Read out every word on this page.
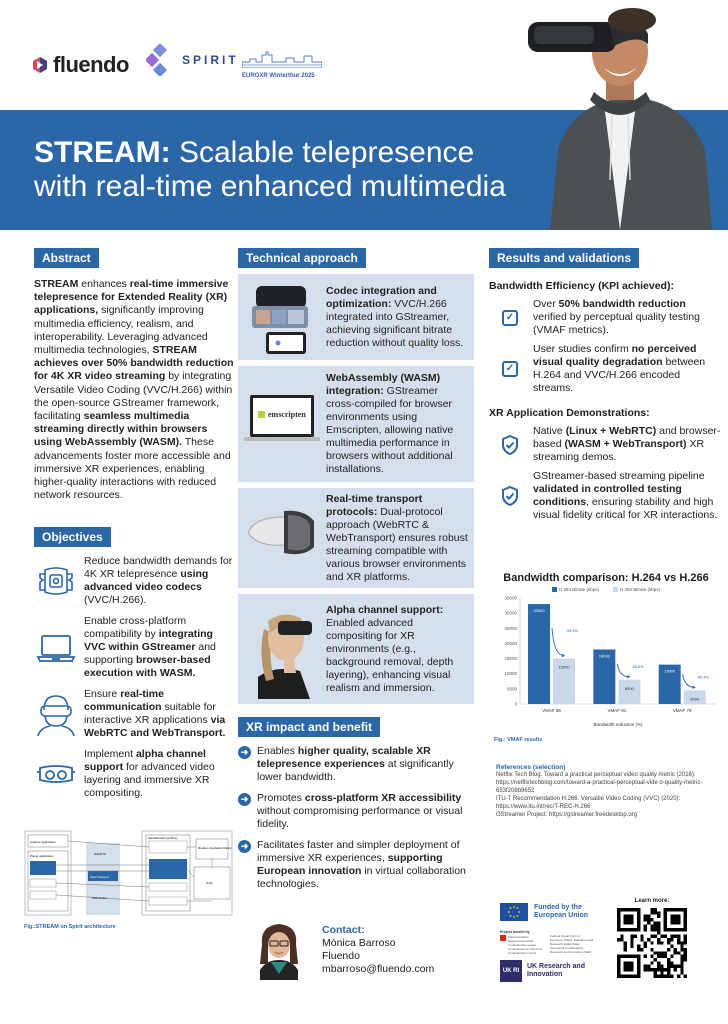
fluendo	SPIRIT
EUROXR Winterthur 2025
STREAM: Scalable telepresence
with real-time enhanced multimedia
Abstract

STREAM enhances real-time immersive telepresence for Extended Reality (XR) applications, significantly improving multimedia efficiency, realism, and interoperability. Leveraging advanced multimedia technologies, STREAM achieves over 50% bandwidth reduction for 4K XR video streaming by integrating Versatile Video Coding (VVC/H.266) within the open-source GStreamer framework, facilitating seamless multimedia streaming directly within browsers using WebAssembly (WASM). These advancements foster more accessible and immersive XR experiences, enabling higher-quality interactions with reduced network resources.

Objectives
Reduce bandwidth demands for 4K XR telepresence using advanced video codecs (VVC/H.266).
Enable cross-platform compatibility by integrating VVC within GStreamer and supporting browser-based execution with WASM.
Ensure real-time communication suitable for interactive XR applications via WebRTC and WebTransport.
Implement alpha channel support for advanced video layering and immersive XR compositing.
Capture application
Player application	WebRTC
WebTransport
Websocket
SpiritRendering library
Render orientation library
Unity
Fig.:STREAM on Spirit architecture
Technical approach
Codec integration and optimization: VVC/H.266 integrated into GStreamer, achieving significant bitrate reduction without quality loss.
emscripten
WebAssembly (WASM) integration: GStreamer cross-compiled for browser environments using Emscripten, allowing native multimedia performance in browsers without additional installations.
Real-time transport protocols: Dual-protocol approach (WebRTC & WebTransport) ensures robust streaming compatible with various browser environments and XR platforms.
Alpha channel support: Enabled advanced compositing for XR environments (e.g., background removal, depth layering), enhancing visual realism and immersion.
XR impact and benefit
➜ Enables higher quality, scalable XR telepresence experiences at significantly lower bandwidth.
➜ Promotes cross-platform XR accessibility without compromising performance or visual fidelity.
➜ Facilitates faster and simpler deployment of immersive XR experiences, supporting European innovation in virtual collaboration technologies.
Contact:
Mónica Barroso
Fluendo
mbarroso@fluendo.com
Results and validations
Bandwidth Efficiency (KPI achieved):
✓
Over 50% bandwidth reduction verified by perceptual quality testing (VMAF metrics).
✓
User studies confirm no perceived visual quality degradation between H.264 and VVC/H.266 encoded streams.
XR Application Demonstrations:
Native (Linux + WebRTC) and browser-based (WASM + WebTransport) XR streaming demos.
GStreamer-based streaming pipeline validated in controlled testing conditions, ensuring stability and high visual fidelity critical for XR interactions.
Bandwidth comparison: H.264 vs H.266
H.264 Bitrate (kbps)	H.266 Bitrate (kbps)
0
5000
10000
15000
20000
25000
30000
35000
33000
15000
-54.5%
VMAF 86
18000
8000
-55.6%
VMAF 91
13000
4500
-65.4%
VMAF 79
Bandwidth reduction (%)
Fig.: VMAF results
References (selection)
Netflix Tech Blog. Toward a practical perceptual video quality metric (2016):
https://netflixtechblog.com/toward-a-practical-perceptual-vide o-quality-metric-653f208b9652
ITU-T Recommendation H.266. Versatile Video Coding (VVC) (2020): https://www.itu.int/rec/T-REC-H.266
GStreamer Project: https://gstreamer.freedesktop.org
Funded by the European Union
Project funded by
Schweizerische Eidgenossenschaft Confédération suisse Confederazione Svizzera Confederaziun svizra
Federal Department of Economic Affairs, Education and Research EAER State Secretariat for Education, Research and Innovation SERI
UK RI
UK Research and Innovation
Learn more:
